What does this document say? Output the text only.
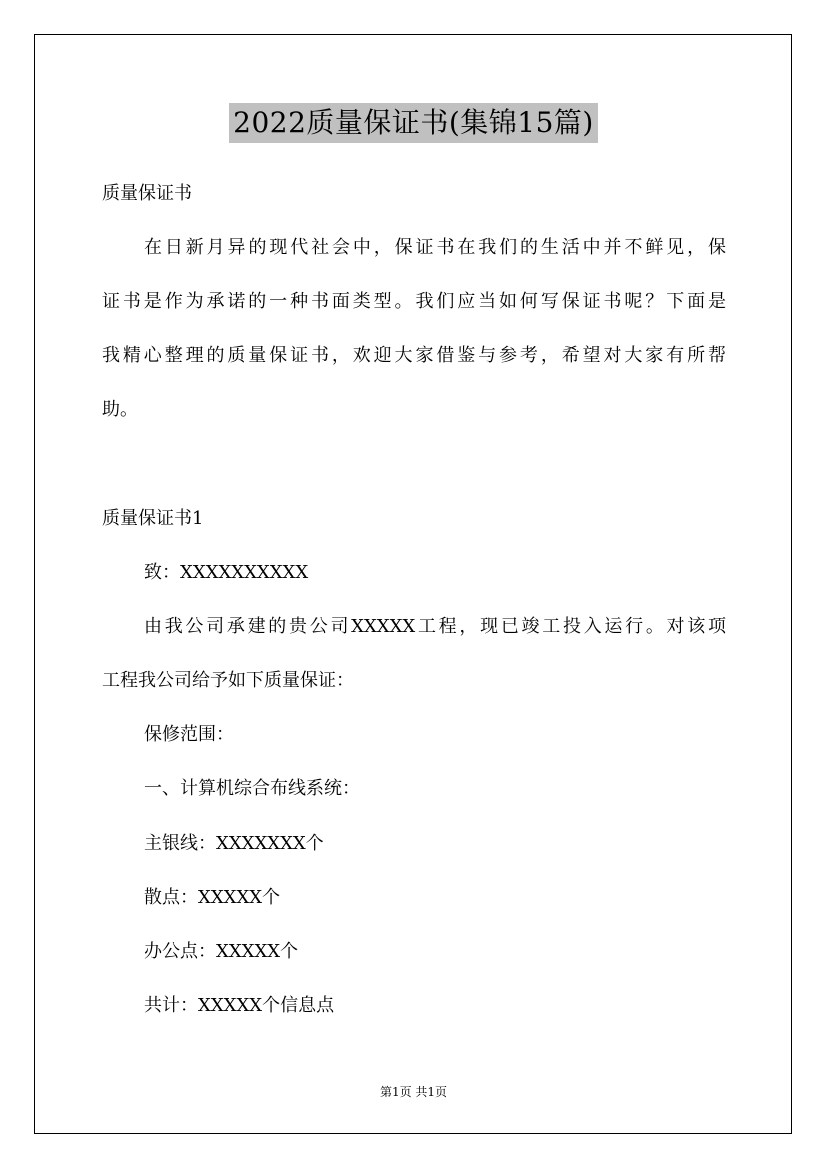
2022质量保证书(集锦15篇)
质量保证书
在日新月异的现代社会中，保证书在我们的生活中并不鲜见，保
证书是作为承诺的一种书面类型。我们应当如何写保证书呢？下面是
我精心整理的质量保证书，欢迎大家借鉴与参考，希望对大家有所帮
助。
质量保证书1
致：XXXXXXXXXX
由我公司承建的贵公司XXXXX工程，现已竣工投入运行。对该项
工程我公司给予如下质量保证：
保修范围：
一、计算机综合布线系统：
主银线：XXXXXXX个
散点：XXXXX个
办公点：XXXXX个
共计：XXXXX个信息点
第1页 共1页
